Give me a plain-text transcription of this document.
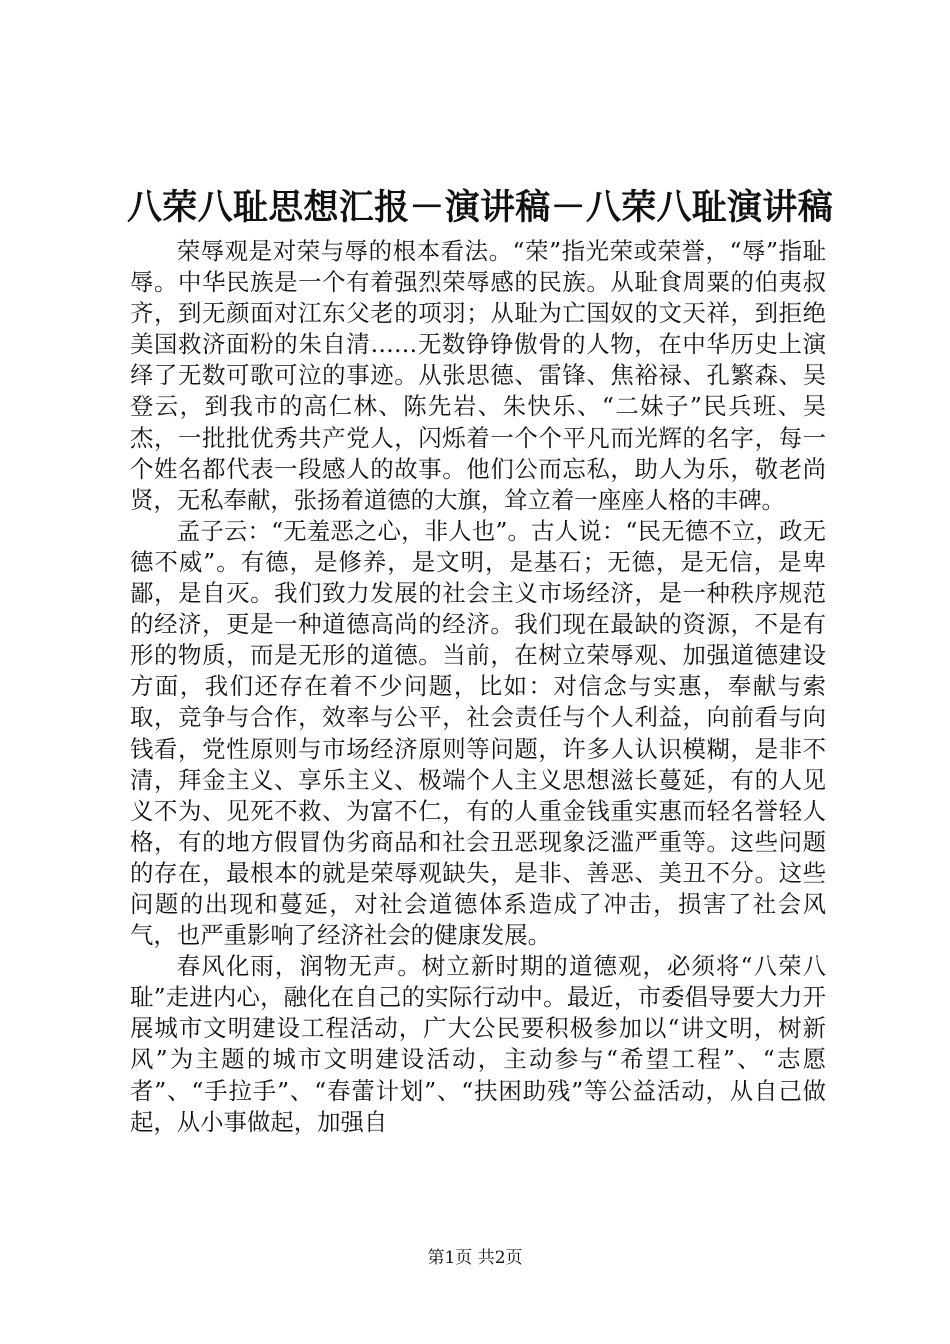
八荣八耻思想汇报－演讲稿－八荣八耻演讲稿

荣辱观是对荣与辱的根本看法。“荣”指光荣或荣誉，“辱”指耻辱。中华民族是一个有着强烈荣辱感的民族。从耻食周粟的伯夷叔齐，到无颜面对江东父老的项羽；从耻为亡国奴的文天祥，到拒绝美国救济面粉的朱自清……无数铮铮傲骨的人物，在中华历史上演绎了无数可歌可泣的事迹。从张思德、雷锋、焦裕禄、孔繁森、吴登云，到我市的高仁林、陈先岩、朱快乐、“二妹子”民兵班、吴杰，一批批优秀共产党人，闪烁着一个个平凡而光辉的名字，每一个姓名都代表一段感人的故事。他们公而忘私，助人为乐，敬老尚贤，无私奉献，张扬着道德的大旗，耸立着一座座人格的丰碑。

孟子云：“无羞恶之心，非人也”。古人说：“民无德不立，政无德不威”。有德，是修养，是文明，是基石；无德，是无信，是卑鄙，是自灭。我们致力发展的社会主义市场经济，是一种秩序规范的经济，更是一种道德高尚的经济。我们现在最缺的资源，不是有形的物质，而是无形的道德。当前，在树立荣辱观、加强道德建设方面，我们还存在着不少问题，比如：对信念与实惠，奉献与索取，竞争与合作，效率与公平，社会责任与个人利益，向前看与向钱看，党性原则与市场经济原则等问题，许多人认识模糊，是非不清，拜金主义、享乐主义、极端个人主义思想滋长蔓延，有的人见义不为、见死不救、为富不仁，有的人重金钱重实惠而轻名誉轻人格，有的地方假冒伪劣商品和社会丑恶现象泛滥严重等。这些问题的存在，最根本的就是荣辱观缺失，是非、善恶、美丑不分。这些问题的出现和蔓延，对社会道德体系造成了冲击，损害了社会风气，也严重影响了经济社会的健康发展。

春风化雨，润物无声。树立新时期的道德观，必须将“八荣八耻”走进内心，融化在自己的实际行动中。最近，市委倡导要大力开展城市文明建设工程活动，广大公民要积极参加以“讲文明，树新风”为主题的城市文明建设活动，主动参与“希望工程”、“志愿者”、“手拉手”、“春蕾计划”、“扶困助残”等公益活动，从自己做起，从小事做起，加强自

第1页 共2页
